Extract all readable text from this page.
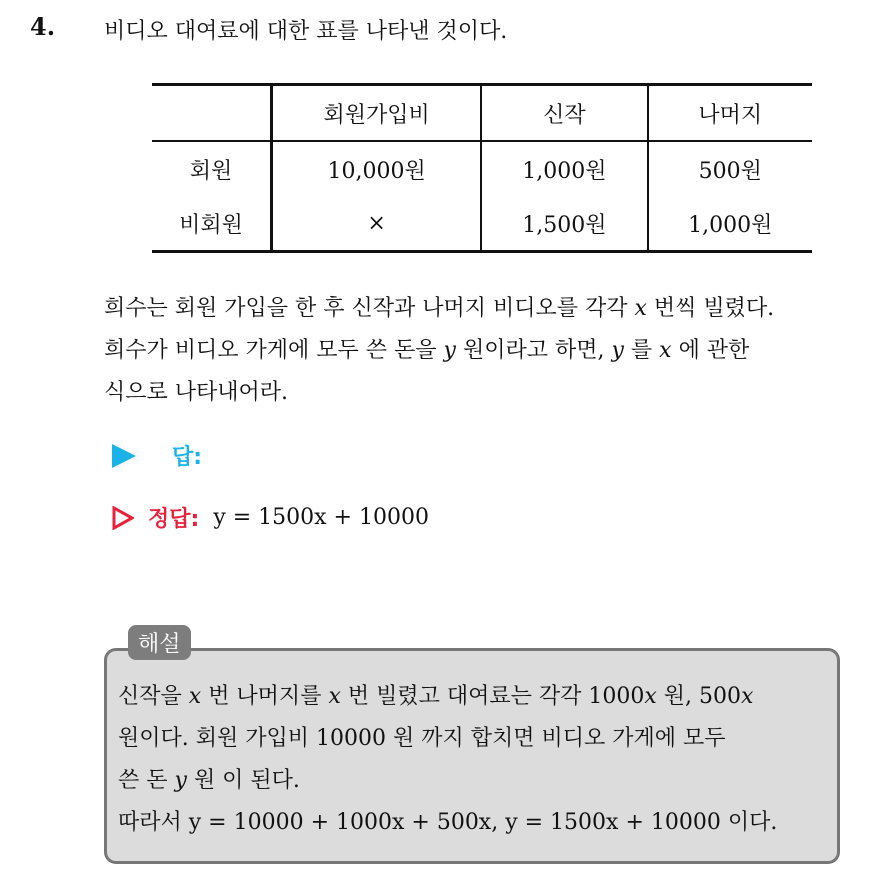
4. 비디오 대여료에 대한 표를 나타낸 것이다.
	회원가입비	신작	나머지
회원	10,000원	1,000원	500원
비회원	×	1,500원	1,000원

희수는 회원 가입을 한 후 신작과 나머지 비디오를 각각 x 번씩 빌렸다.

희수가 비디오 가게에 모두 쓴 돈을 y 원이라고 하면, y 를 x 에 관한

식으로 나타내어라.

답:
정답: y = 1500x + 10000
해설

신작을 x 번 나머지를 x 번 빌렸고 대여료는 각각 1000x 원, 500x

원이다. 회원 가입비 10000 원 까지 합치면 비디오 가게에 모두

쓴 돈 y 원 이 된다.

따라서 y = 10000 + 1000x + 500x, y = 1500x + 10000 이다.
